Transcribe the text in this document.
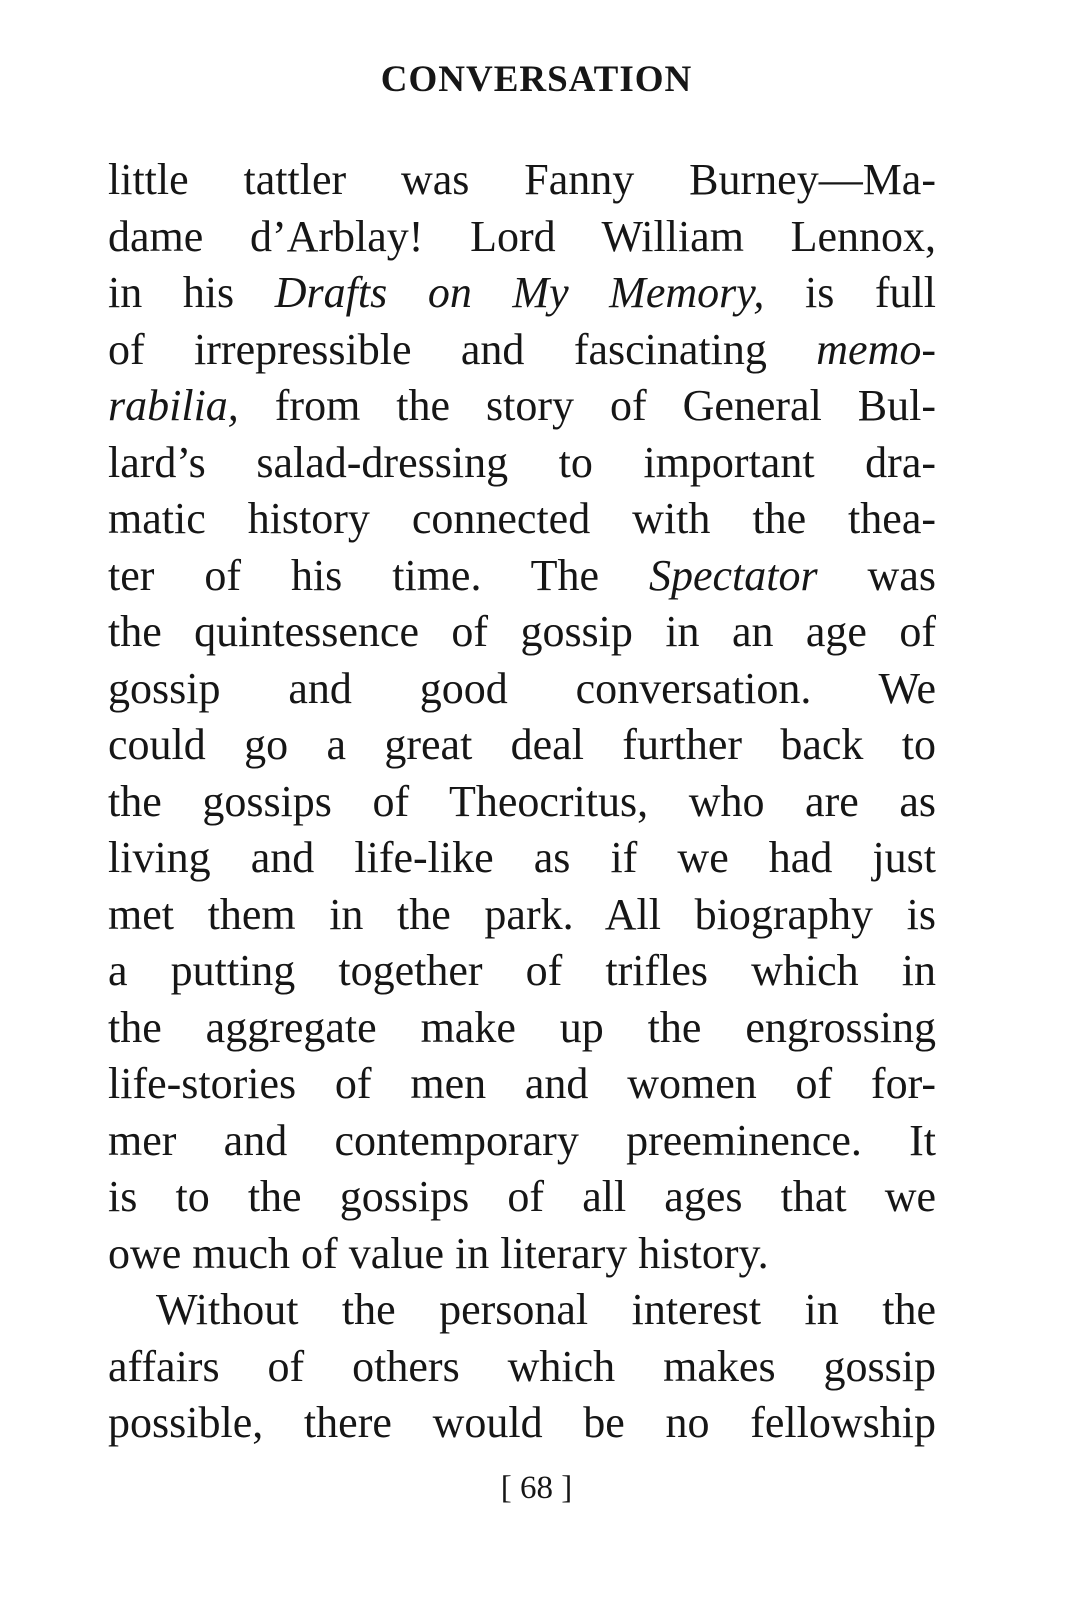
CONVERSATION
little tattler was Fanny Burney—Ma-
dame d’Arblay! Lord William Lennox,
in his Drafts on My Memory, is full
of irrepressible and fascinating memo-
rabilia, from the story of General Bul-
lard’s salad-dressing to important dra-
matic history connected with the thea-
ter of his time. The Spectator was
the quintessence of gossip in an age of
gossip and good conversation. We
could go a great deal further back to
the gossips of Theocritus, who are as
living and life-like as if we had just
met them in the park. All biography is
a putting together of trifles which in
the aggregate make up the engrossing
life-stories of men and women of for-
mer and contemporary preeminence. It
is to the gossips of all ages that we
owe much of value in literary history.
Without the personal interest in the
affairs of others which makes gossip
possible, there would be no fellowship
[ 68 ]
